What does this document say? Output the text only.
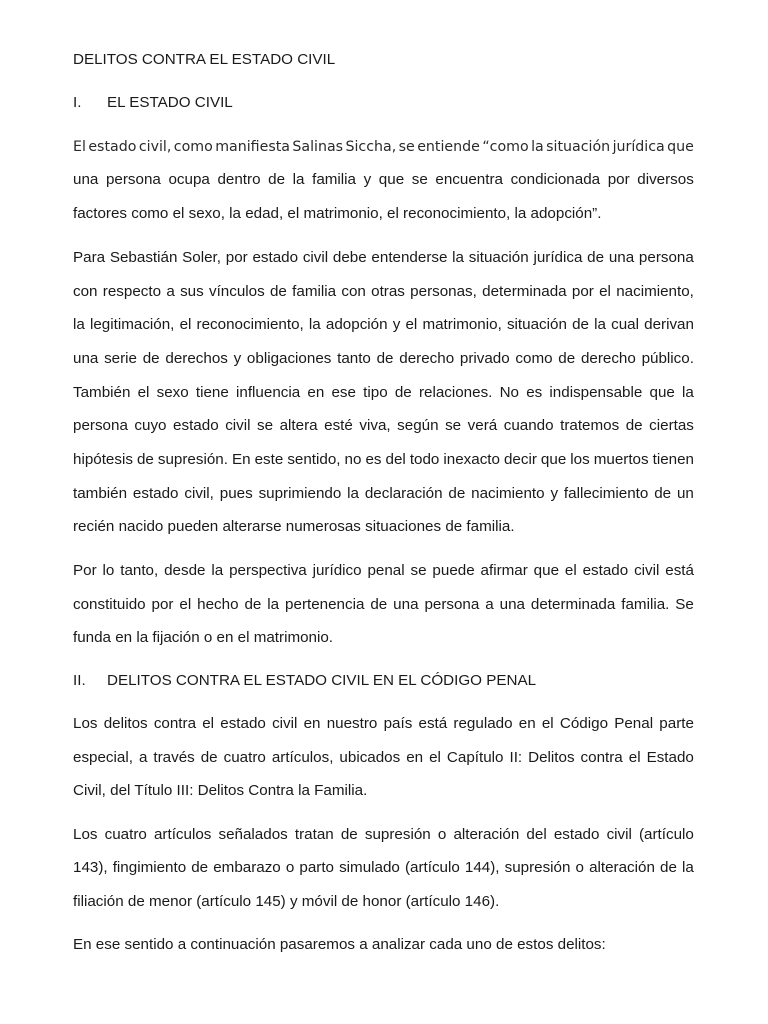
DELITOS CONTRA EL ESTADO CIVIL
I. EL ESTADO CIVIL
El estado civil, como manifiesta Salinas Siccha, se entiende “como la situación jurídica que
una persona ocupa dentro de la familia y que se encuentra condicionada por diversos
factores como el sexo, la edad, el matrimonio, el reconocimiento, la adopción”.
Para Sebastián Soler, por estado civil debe entenderse la situación jurídica de una persona
con respecto a sus vínculos de familia con otras personas, determinada por el nacimiento,
la legitimación, el reconocimiento, la adopción y el matrimonio, situación de la cual derivan
una serie de derechos y obligaciones tanto de derecho privado como de derecho público.
También el sexo tiene influencia en ese tipo de relaciones. No es indispensable que la
persona cuyo estado civil se altera esté viva, según se verá cuando tratemos de ciertas
hipótesis de supresión. En este sentido, no es del todo inexacto decir que los muertos tienen
también estado civil, pues suprimiendo la declaración de nacimiento y fallecimiento de un
recién nacido pueden alterarse numerosas situaciones de familia.
Por lo tanto, desde la perspectiva jurídico penal se puede afirmar que el estado civil está
constituido por el hecho de la pertenencia de una persona a una determinada familia. Se
funda en la fijación o en el matrimonio.
II. DELITOS CONTRA EL ESTADO CIVIL EN EL CÓDIGO PENAL
Los delitos contra el estado civil en nuestro país está regulado en el Código Penal parte
especial, a través de cuatro artículos, ubicados en el Capítulo II: Delitos contra el Estado
Civil, del Título III: Delitos Contra la Familia.
Los cuatro artículos señalados tratan de supresión o alteración del estado civil (artículo
143), fingimiento de embarazo o parto simulado (artículo 144), supresión o alteración de la
filiación de menor (artículo 145) y móvil de honor (artículo 146).
En ese sentido a continuación pasaremos a analizar cada uno de estos delitos:
